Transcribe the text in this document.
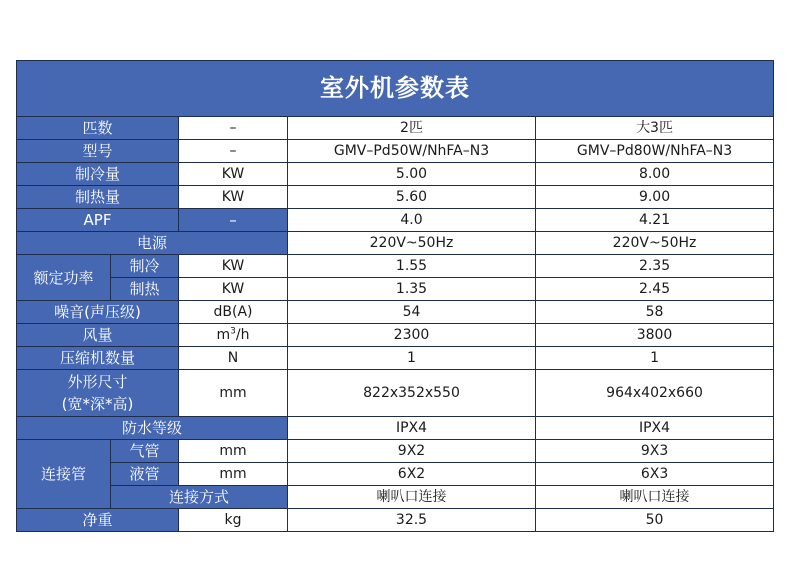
室外机参数表				
匹数		–	2匹	大3匹
型号		–	GMV–Pd50W/NhFA–N3	GMV–Pd80W/NhFA–N3
制冷量		KW	5.00	8.00
制热量		KW	5.60	9.00
APF		–	4.0	4.21
电源			220V~50Hz	220V~50Hz
额定功率	制冷	KW	1.55	2.35
	制热	KW	1.35	2.45
噪音(声压级)		dB(A)	54	58
风量		$m^3/h$	2300	3800
压缩机数量		N	1	1

外形尺寸
(宽*深*高)		mm	822x352x550	964x402x660
防水等级			IPX4	IPX4
连接管	气管	mm	9X2	9X3
	液管	mm	6X2	6X3
	连接方式		喇叭口连接	喇叭口连接
净重		kg	32.5	50
